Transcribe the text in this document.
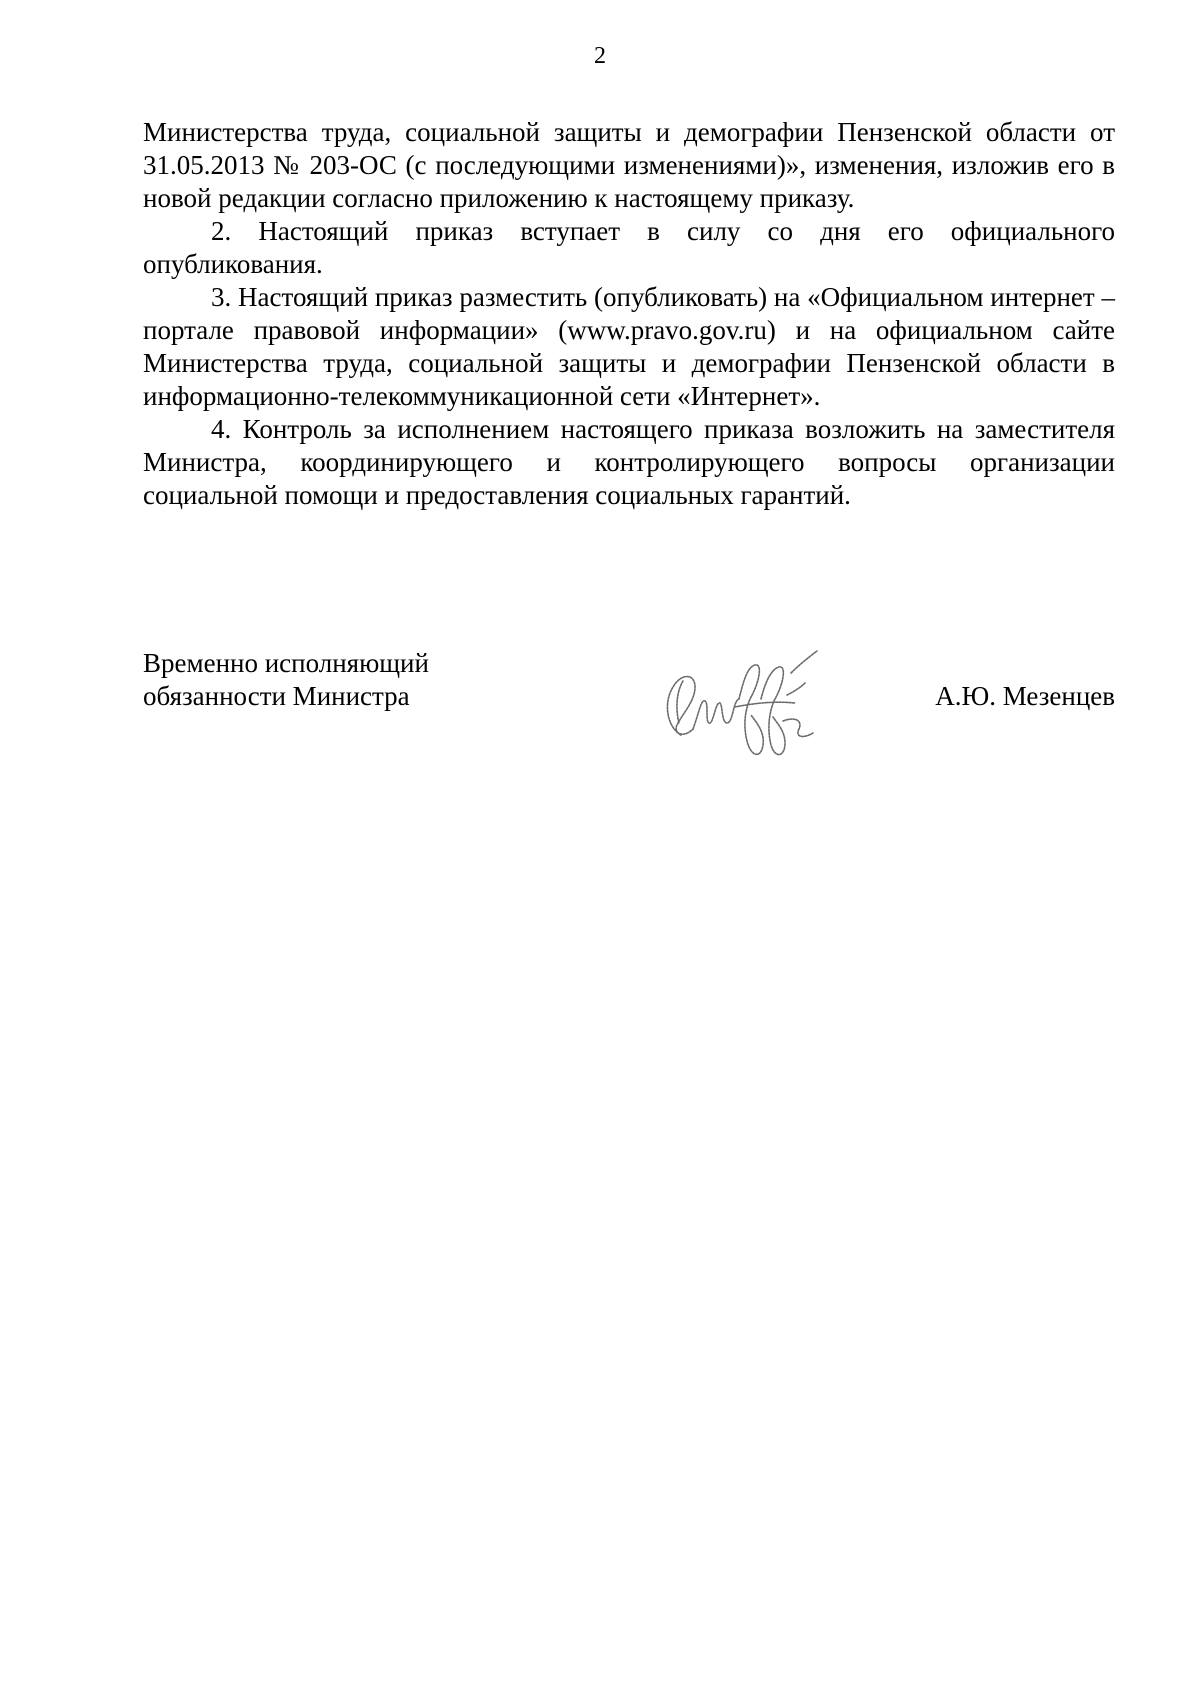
2

Министерства труда, социальной защиты и демографии Пензенской области от 31.05.2013 № 203-ОС (с последующими изменениями)», изменения, изложив его в новой редакции согласно приложению к настоящему приказу.

2. Настоящий приказ вступает в силу со дня его официального опубликования.

3. Настоящий приказ разместить (опубликовать) на «Официальном интернет – портале правовой информации» (www.pravo.gov.ru) и на официальном сайте Министерства труда, социальной защиты и демографии Пензенской области в информационно-телекоммуникационной сети «Интернет».

4. Контроль за исполнением настоящего приказа возложить на заместителя Министра, координирующего и контролирующего вопросы организации социальной помощи и предоставления социальных гарантий.

Временно исполняющий
обязанности Министра	А.Ю. Мезенцев
